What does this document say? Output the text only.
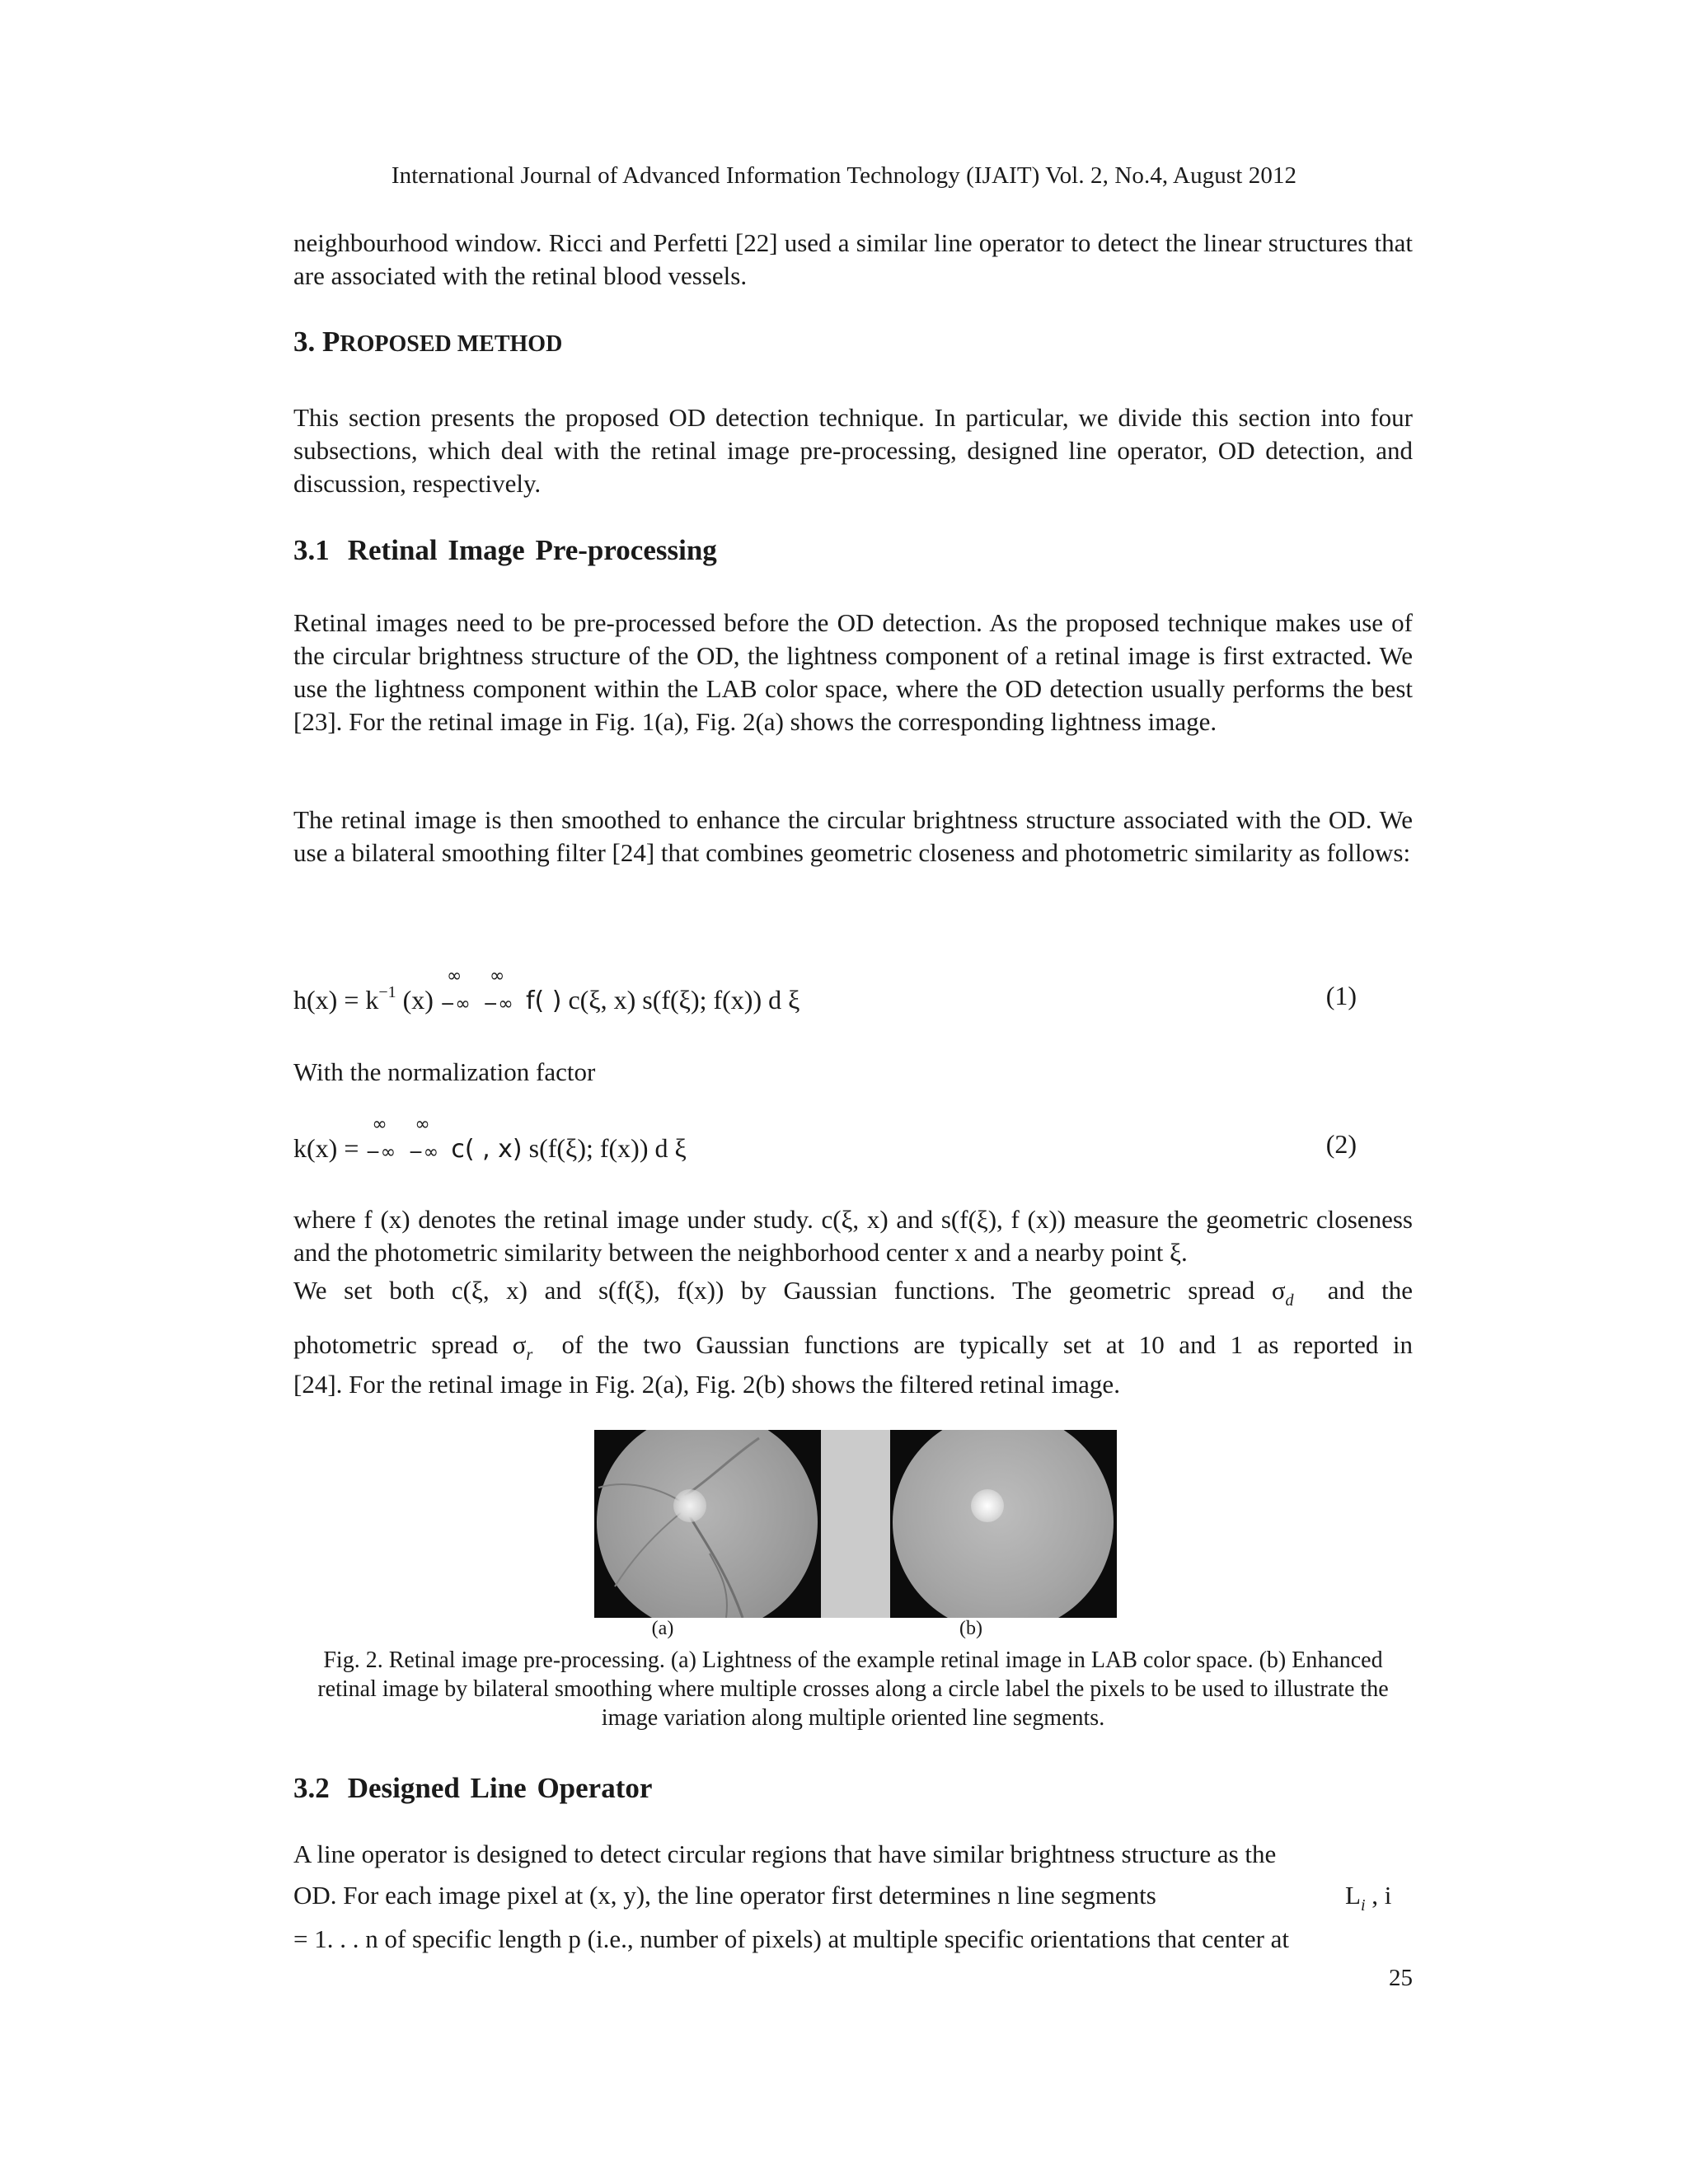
International Journal of Advanced Information Technology (IJAIT) Vol. 2, No.4, August 2012

neighbourhood window. Ricci and Perfetti [22] used a similar line operator to detect the linear structures that are associated with the retinal blood vessels.

3. PROPOSED METHOD

This section presents the proposed OD detection technique. In particular, we divide this section into four subsections, which deal with the retinal image pre-processing, designed line operator, OD detection, and discussion, respectively.

3.1 Retinal Image Pre-processing

Retinal images need to be pre-processed before the OD detection. As the proposed technique makes use of the circular brightness structure of the OD, the lightness component of a retinal image is first extracted. We use the lightness component within the LAB color space, where the OD detection usually performs the best [23]. For the retinal image in Fig. 1(a), Fig. 2(a) shows the corresponding lightness image.

The retinal image is then smoothed to enhance the circular brightness structure associated with the OD. We use a bilateral smoothing filter [24] that combines geometric closeness and photometric similarity as follows:

$h(x) = k^{-1}$ (x)
∞
−∞

∞
−∞ f( ) c(ξ, x) s(f(ξ); f(x)) d ξ	(1)

With the normalization factor

k(x) =
∞
−∞

∞
−∞ c( , x) s(f(ξ); f(x)) d ξ	(2)

where f (x) denotes the retinal image under study. c(ξ, x) and s(f(ξ), f (x)) measure the geometric closeness and the photometric similarity between the neighborhood center x and a nearby point ξ.

We set both c(ξ, x) and s(f(ξ), f(x)) by Gaussian functions. The geometric spread $\sigma_d$ and the

photometric spread $\sigma_r$ of the two Gaussian functions are typically set at 10 and 1 as reported in

[24]. For the retinal image in Fig. 2(a), Fig. 2(b) shows the filtered retinal image.

(a)	(b)
Fig. 2. Retinal image pre-processing. (a) Lightness of the example retinal image in LAB color space. (b) Enhanced retinal image by bilateral smoothing where multiple crosses along a circle label the pixels to be used to illustrate the image variation along multiple oriented line segments.
3.2 Designed Line Operator

A line operator is designed to detect circular regions that have similar brightness structure as the

OD. For each image pixel at (x, y), the line operator first determines n line segments	$L_i$ , i

= 1. . . n of specific length p (i.e., number of pixels) at multiple specific orientations that center at

25
